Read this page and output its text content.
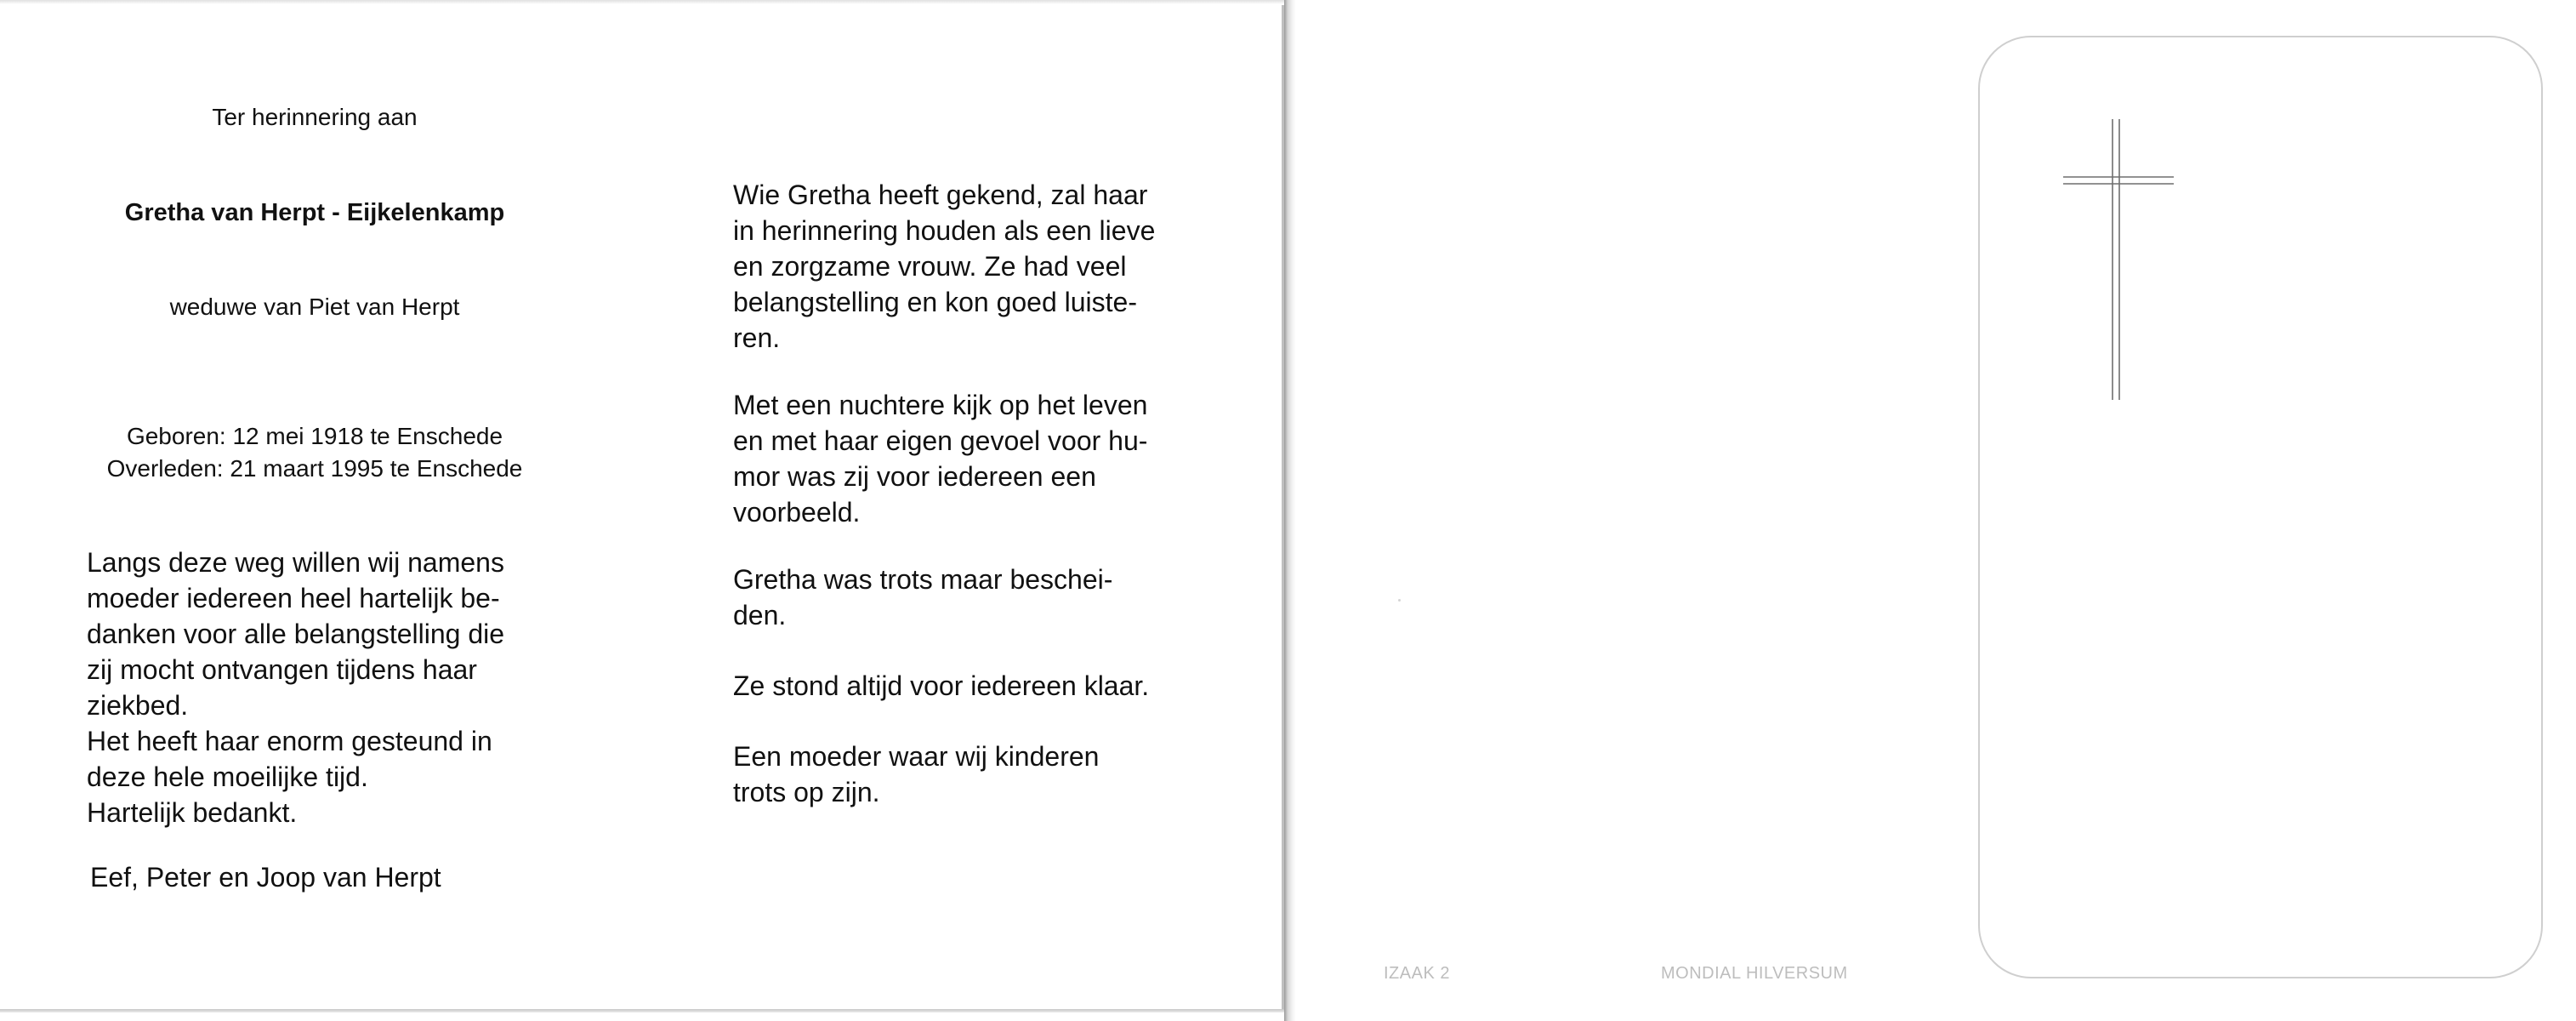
Ter herinnering aan

Gretha van Herpt - Eijkelenkamp

weduwe van Piet van Herpt

Geboren: 12 mei 1918 te Enschede
Overleden: 21 maart 1995 te Enschede
Langs deze weg willen wij namens
moeder iedereen heel hartelijk be-
danken voor alle belangstelling die
zij mocht ontvangen tijdens haar
ziekbed.
Het heeft haar enorm gesteund in
deze hele moeilijke tijd.
Hartelijk bedankt.

Eef, Peter en Joop van Herpt

Wie Gretha heeft gekend, zal haar
in herinnering houden als een lieve
en zorgzame vrouw. Ze had veel
belangstelling en kon goed luiste-
ren.
Met een nuchtere kijk op het leven
en met haar eigen gevoel voor hu-
mor was zij voor iedereen een
voorbeeld.
Gretha was trots maar beschei-
den.
Ze stond altijd voor iedereen klaar.
Een moeder waar wij kinderen
trots op zijn.
IZAAK 2	MONDIAL HILVERSUM
